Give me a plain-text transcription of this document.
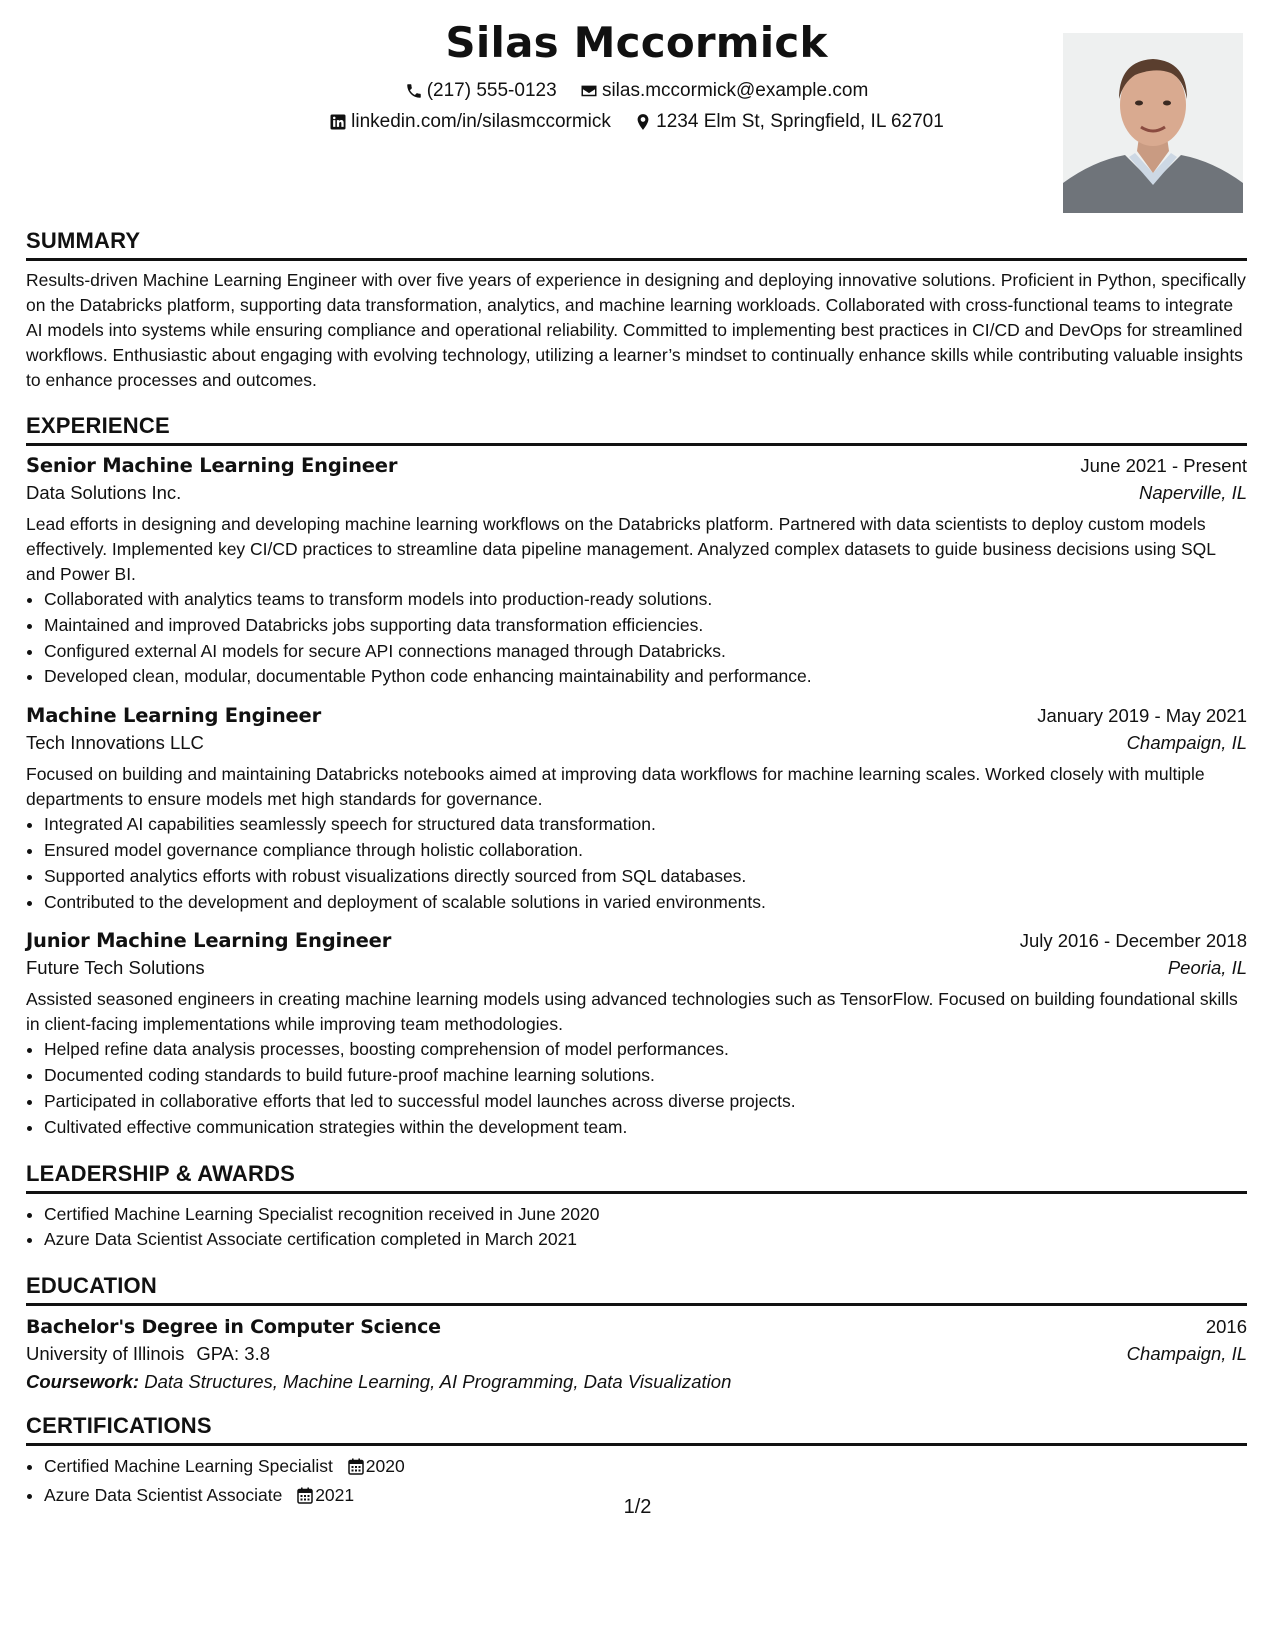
Silas Mccormick
(217) 555-0123
silas.mccormick@example.com
linkedin.com/in/silasmccormick
1234 Elm St, Springfield, IL 62701
SUMMARY

Results-driven Machine Learning Engineer with over five years of experience in designing and deploying innovative solutions. Proficient in Python, specifically on the Databricks platform, supporting data transformation, analytics, and machine learning workloads. Collaborated with cross-functional teams to integrate AI models into systems while ensuring compliance and operational reliability. Committed to implementing best practices in CI/CD and DevOps for streamlined workflows. Enthusiastic about engaging with evolving technology, utilizing a learner’s mindset to continually enhance skills while contributing valuable insights to enhance processes and outcomes.

EXPERIENCE
Senior Machine Learning Engineer	June 2021 - Present
Data Solutions Inc.	Naperville, IL

Lead efforts in designing and developing machine learning workflows on the Databricks platform. Partnered with data scientists to deploy custom models effectively. Implemented key CI/CD practices to streamline data pipeline management. Analyzed complex datasets to guide business decisions using SQL and Power BI.

• Collaborated with analytics teams to transform models into production-ready solutions.
• Maintained and improved Databricks jobs supporting data transformation efficiencies.
• Configured external AI models for secure API connections managed through Databricks.
• Developed clean, modular, documentable Python code enhancing maintainability and performance.
Machine Learning Engineer	January 2019 - May 2021
Tech Innovations LLC	Champaign, IL

Focused on building and maintaining Databricks notebooks aimed at improving data workflows for machine learning scales. Worked closely with multiple departments to ensure models met high standards for governance.

• Integrated AI capabilities seamlessly speech for structured data transformation.
• Ensured model governance compliance through holistic collaboration.
• Supported analytics efforts with robust visualizations directly sourced from SQL databases.
• Contributed to the development and deployment of scalable solutions in varied environments.
Junior Machine Learning Engineer	July 2016 - December 2018
Future Tech Solutions	Peoria, IL

Assisted seasoned engineers in creating machine learning models using advanced technologies such as TensorFlow. Focused on building foundational skills in client-facing implementations while improving team methodologies.

• Helped refine data analysis processes, boosting comprehension of model performances.
• Documented coding standards to build future-proof machine learning solutions.
• Participated in collaborative efforts that led to successful model launches across diverse projects.
• Cultivated effective communication strategies within the development team.
LEADERSHIP & AWARDS
• Certified Machine Learning Specialist recognition received in June 2020
• Azure Data Scientist Associate certification completed in March 2021
EDUCATION
Bachelor's Degree in Computer Science	2016
University of Illinois GPA: 3.8	Champaign, IL
Coursework: Data Structures, Machine Learning, AI Programming, Data Visualization
CERTIFICATIONS
• Certified Machine Learning Specialist 2020
• Azure Data Scientist Associate 2021
1/2
